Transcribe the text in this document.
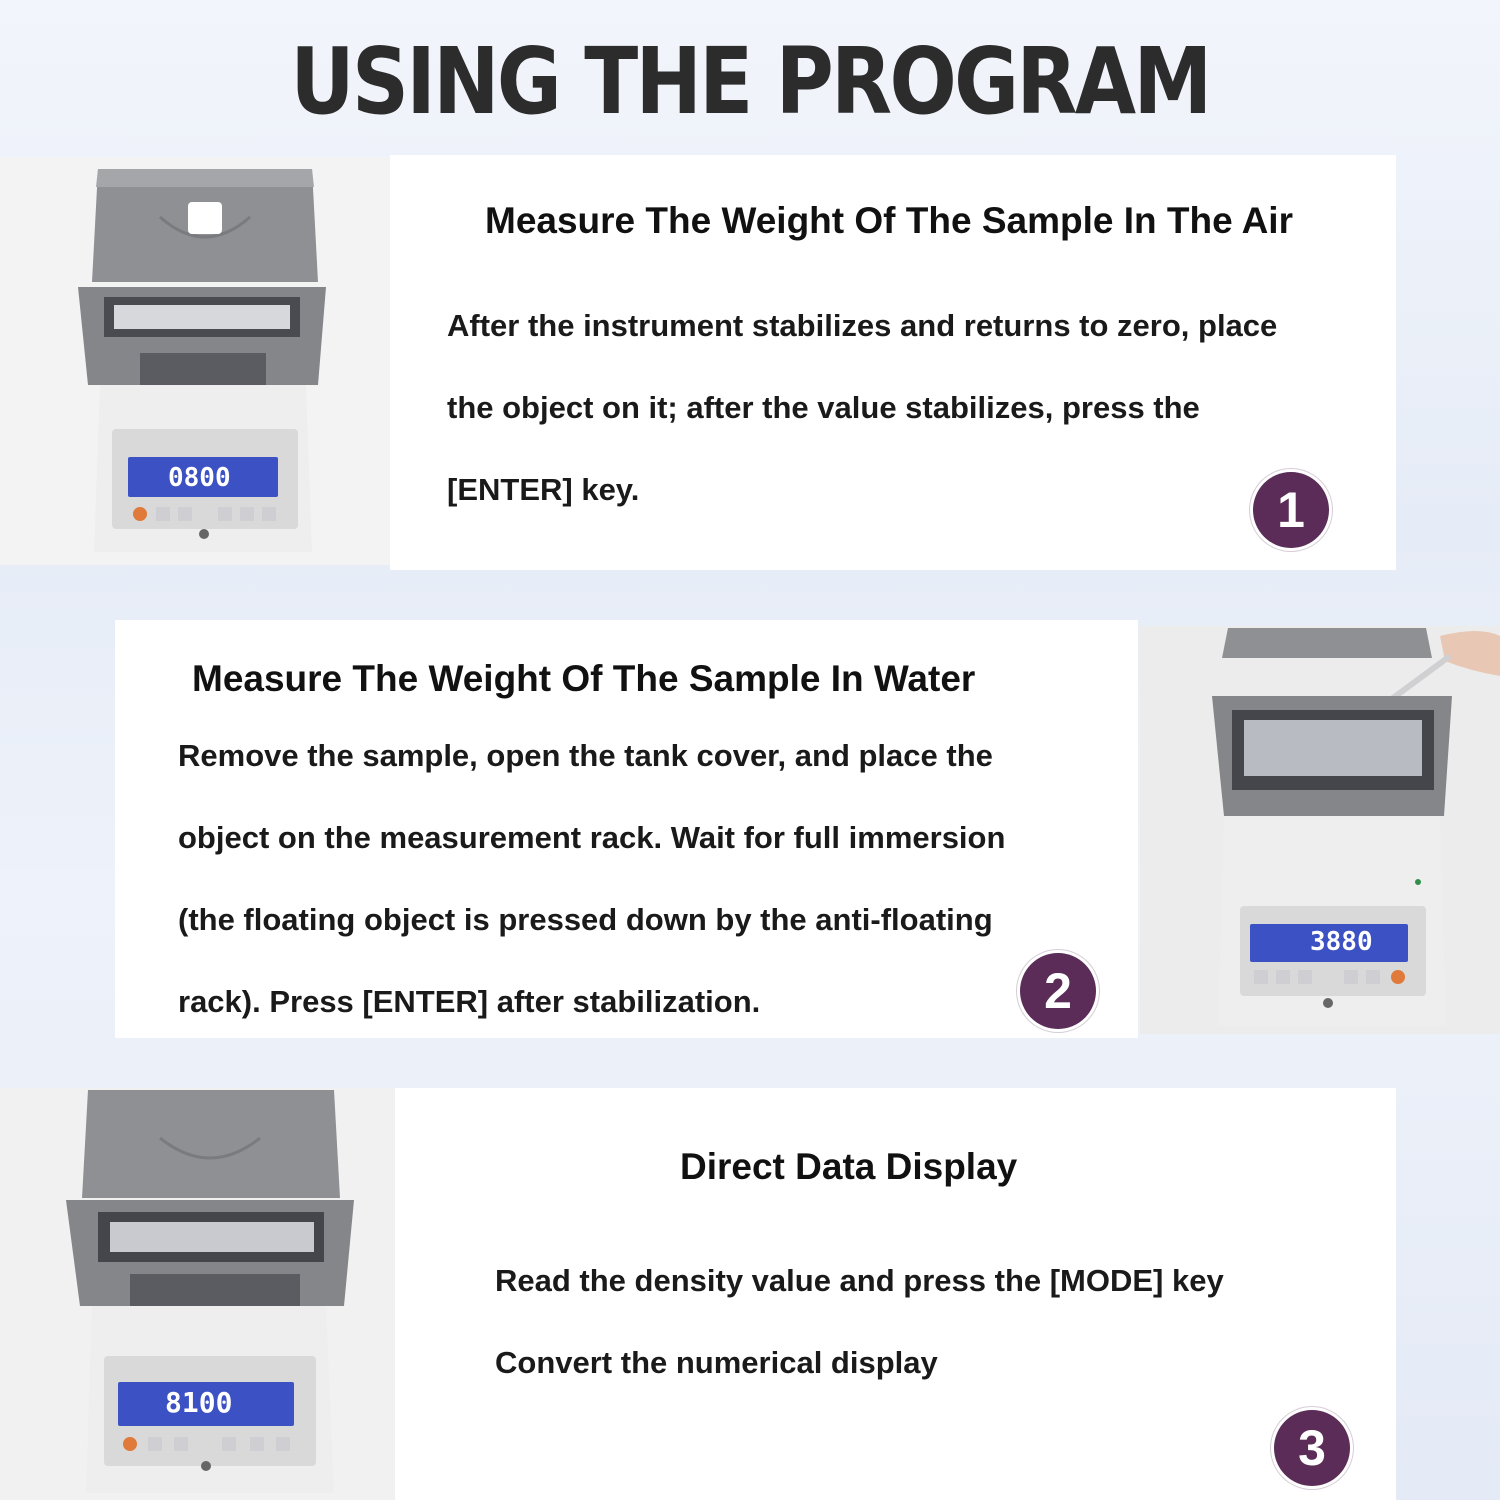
USING THE PROGRAM
0800
Measure The Weight Of The Sample In The Air
After the instrument stabilizes and returns to zero, place
the object on it; after the value stabilizes, press the
[ENTER] key.	1
3880
Measure The Weight Of The Sample In Water
Remove the sample, open the tank cover, and place the
object on the measurement rack. Wait for full immersion
(the floating object is pressed down by the anti-floating
rack). Press [ENTER] after stabilization.	2
8100
Direct Data Display
Read the density value and press the [MODE] key
Convert the numerical display
3
